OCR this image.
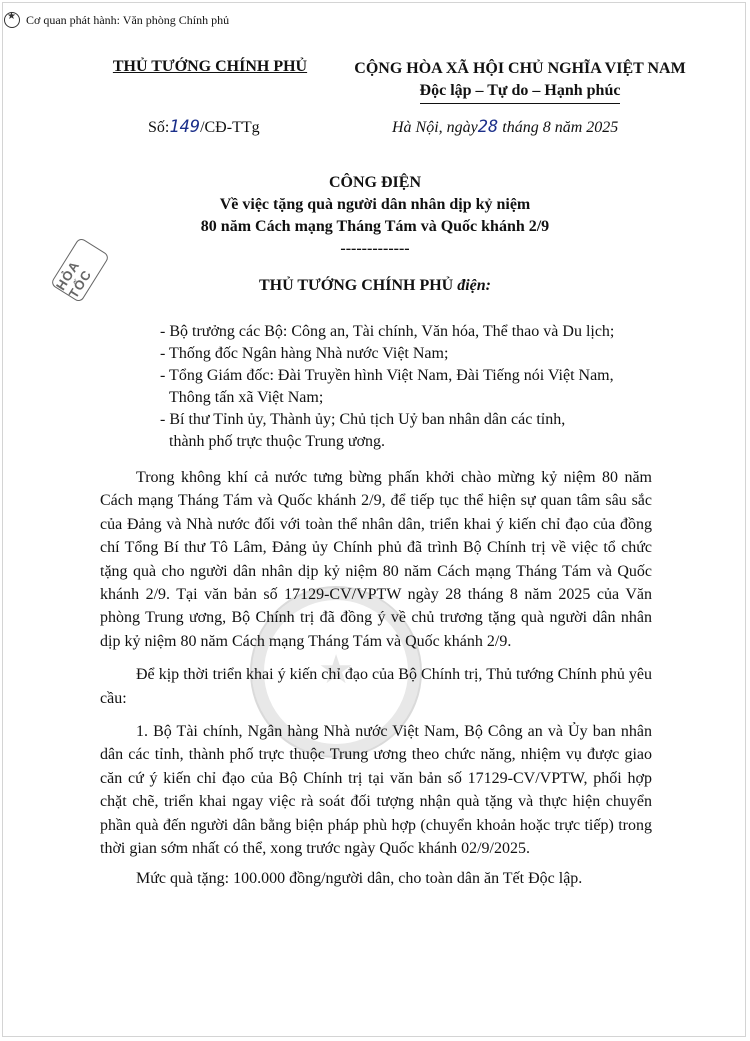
★
Cơ quan phát hành: Văn phòng Chính phủ
THỦ TƯỚNG CHÍNH PHỦ	CỘNG HÒA XÃ HỘI CHỦ NGHĨA VIỆT NAM
Độc lập – Tự do – Hạnh phúc
Số:149/CĐ-TTg	Hà Nội, ngày28 tháng 8 năm 2025
CÔNG ĐIỆN
Về việc tặng quà người dân nhân dịp kỷ niệm
80 năm Cách mạng Tháng Tám và Quốc khánh 2/9
-------------
HỎA TỐC	THỦ TƯỚNG CHÍNH PHỦ điện:
- Bộ trưởng các Bộ: Công an, Tài chính, Văn hóa, Thể thao và Du lịch;
- Thống đốc Ngân hàng Nhà nước Việt Nam;
- Tổng Giám đốc: Đài Truyền hình Việt Nam, Đài Tiếng nói Việt Nam,
Thông tấn xã Việt Nam;
- Bí thư Tỉnh ủy, Thành ủy; Chủ tịch Uỷ ban nhân dân các tỉnh,
thành phố trực thuộc Trung ương.
★

Trong không khí cả nước tưng bừng phấn khởi chào mừng kỷ niệm 80 năm Cách mạng Tháng Tám và Quốc khánh 2/9, để tiếp tục thể hiện sự quan tâm sâu sắc của Đảng và Nhà nước đối với toàn thể nhân dân, triển khai ý kiến chỉ đạo của đồng chí Tổng Bí thư Tô Lâm, Đảng ủy Chính phủ đã trình Bộ Chính trị về việc tổ chức tặng quà cho người dân nhân dịp kỷ niệm 80 năm Cách mạng Tháng Tám và Quốc khánh 2/9. Tại văn bản số 17129-CV/VPTW ngày 28 tháng 8 năm 2025 của Văn phòng Trung ương, Bộ Chính trị đã đồng ý về chủ trương tặng quà người dân nhân dịp kỷ niệm 80 năm Cách mạng Tháng Tám và Quốc khánh 2/9.

Để kịp thời triển khai ý kiến chỉ đạo của Bộ Chính trị, Thủ tướng Chính phủ yêu cầu:

1. Bộ Tài chính, Ngân hàng Nhà nước Việt Nam, Bộ Công an và Ủy ban nhân dân các tỉnh, thành phố trực thuộc Trung ương theo chức năng, nhiệm vụ được giao căn cứ ý kiến chỉ đạo của Bộ Chính trị tại văn bản số 17129-CV/VPTW, phối hợp chặt chẽ, triển khai ngay việc rà soát đối tượng nhận quà tặng và thực hiện chuyển phần quà đến người dân bằng biện pháp phù hợp (chuyển khoản hoặc trực tiếp) trong thời gian sớm nhất có thể, xong trước ngày Quốc khánh 02/9/2025.

Mức quà tặng: 100.000 đồng/người dân, cho toàn dân ăn Tết Độc lập.
